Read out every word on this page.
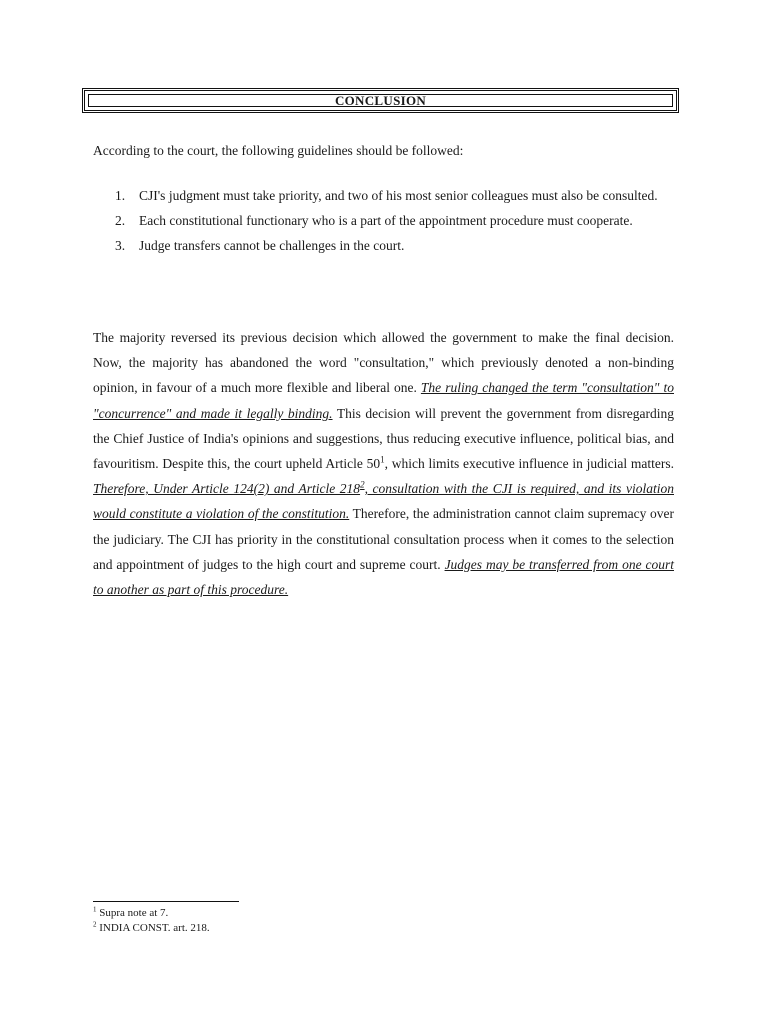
CONCLUSION
According to the court, the following guidelines should be followed:
1. CJI's judgment must take priority, and two of his most senior colleagues must also be consulted.
2. Each constitutional functionary who is a part of the appointment procedure must cooperate.
3. Judge transfers cannot be challenges in the court.

The majority reversed its previous decision which allowed the government to make the final decision. Now, the majority has abandoned the word "consultation," which previously denoted a non-binding opinion, in favour of a much more flexible and liberal one. The ruling changed the term "consultation" to "concurrence" and made it legally binding. This decision will prevent the government from disregarding the Chief Justice of India's opinions and suggestions, thus reducing executive influence, political bias, and favouritism. Despite this, the court upheld Article $50^1$, which limits executive influence in judicial matters. Therefore, Under Article 124(2) and Article $218^2$, consultation with the CJI is required, and its violation would constitute a violation of the constitution. Therefore, the administration cannot claim supremacy over the judiciary. The CJI has priority in the constitutional consultation process when it comes to the selection and appointment of judges to the high court and supreme court. Judges may be transferred from one court to another as part of this procedure.

$^1$ Supra note at 7.
$^2$ INDIA CONST. art. 218.
